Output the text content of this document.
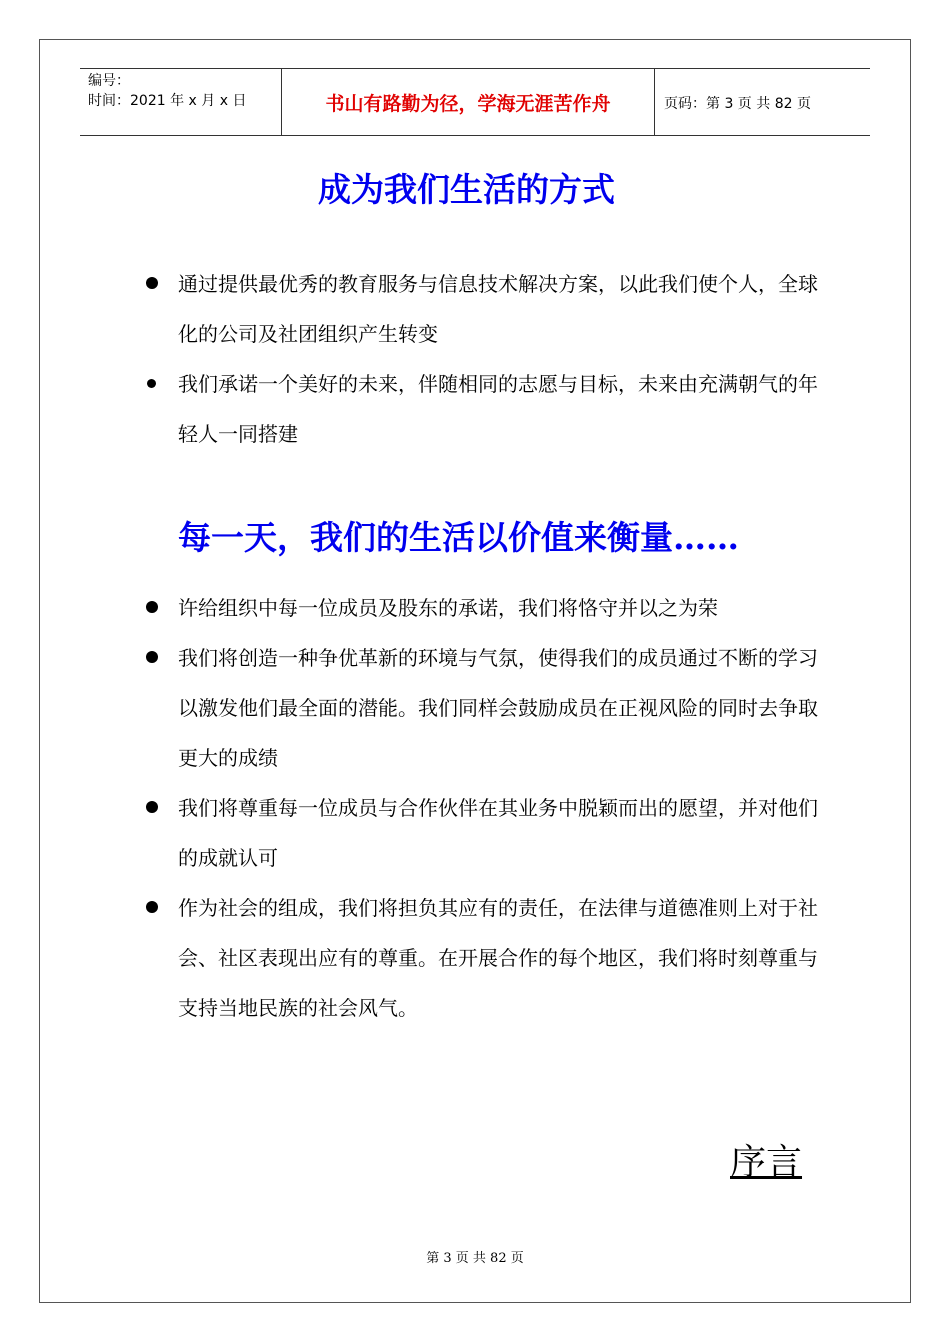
编号：
时间：2021 年 x 月 x 日	书山有路勤为径，学海无涯苦作舟	页码：第 3 页 共 82 页
成为我们生活的方式
通过提供最优秀的教育服务与信息技术解决方案，以此我们使个人，全球化的公司及社团组织产生转变
我们承诺一个美好的未来，伴随相同的志愿与目标，未来由充满朝气的年轻人一同搭建
每一天，我们的生活以价值来衡量……
许给组织中每一位成员及股东的承诺，我们将恪守并以之为荣
我们将创造一种争优革新的环境与气氛，使得我们的成员通过不断的学习以激发他们最全面的潜能。我们同样会鼓励成员在正视风险的同时去争取更大的成绩
我们将尊重每一位成员与合作伙伴在其业务中脱颖而出的愿望，并对他们的成就认可
作为社会的组成，我们将担负其应有的责任，在法律与道德准则上对于社会、社区表现出应有的尊重。在开展合作的每个地区，我们将时刻尊重与支持当地民族的社会风气。
序言
第 3 页 共 82 页
